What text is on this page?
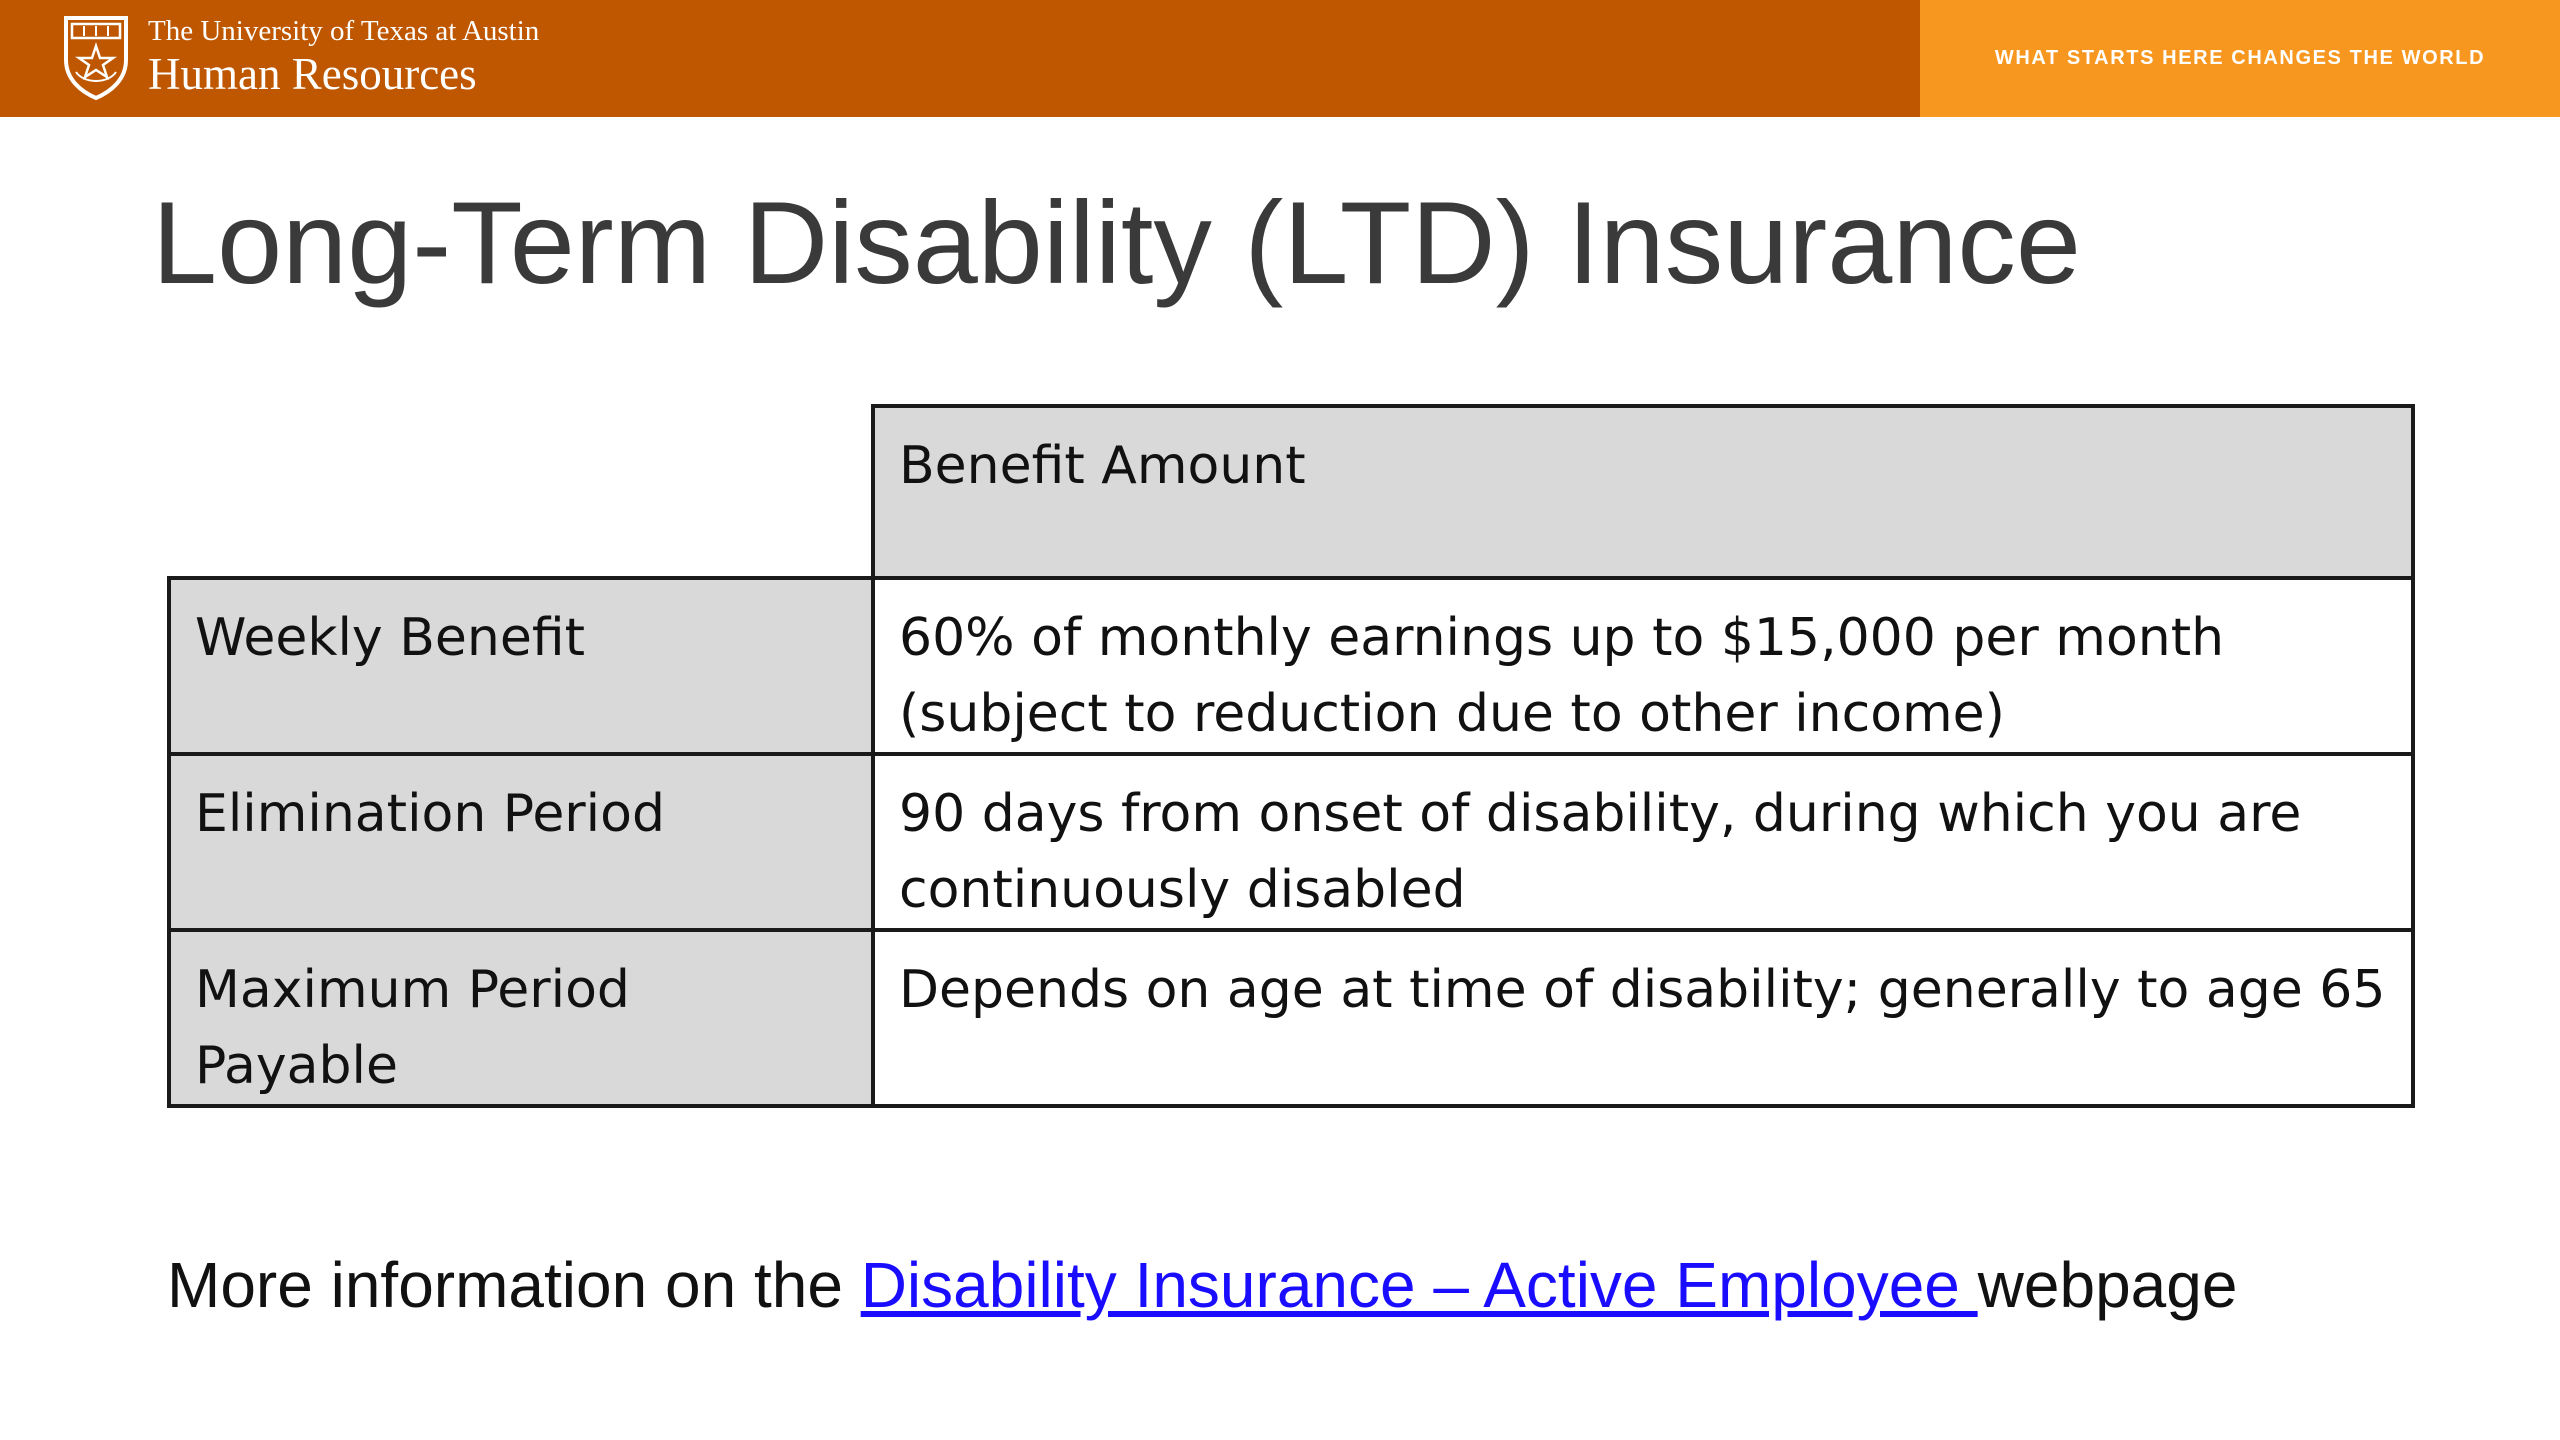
The University of Texas at Austin
Human Resources	WHAT STARTS HERE CHANGES THE WORLD
Long-Term Disability (LTD) Insurance
	Benefit Amount
Weekly Benefit	60% of monthly earnings up to $15,000 per month
(subject to reduction due to other income)

Elimination Period	90 days from onset of disability, during which you are
continuously disabled

Maximum Period
Payable	Depends on age at time of disability; generally to age 65
More information on the Disability Insurance – Active Employee webpage
